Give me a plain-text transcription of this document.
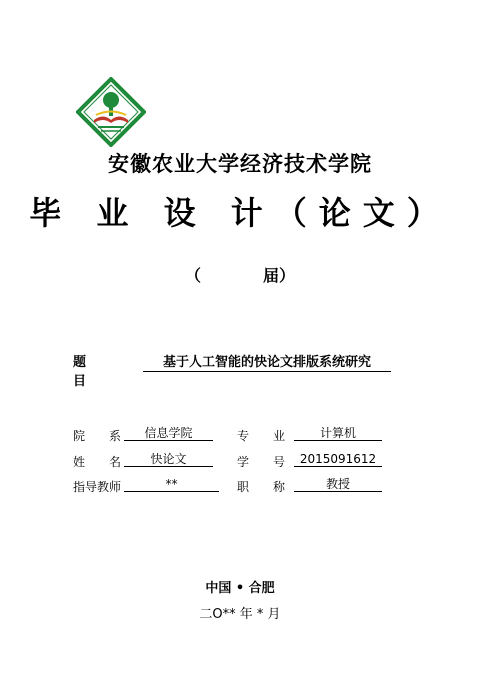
安徽农业大学经济技术学院
毕 业 设 计（论文）
（	届）
题　目
基于人工智能的快论文排版系统研究
院　　系	信息学院	专　　业	计算机
姓　　名	快论文	学　　号	2015091612
指导教师	**	职　　称	教授
中国 • 合肥
二O** 年 * 月
